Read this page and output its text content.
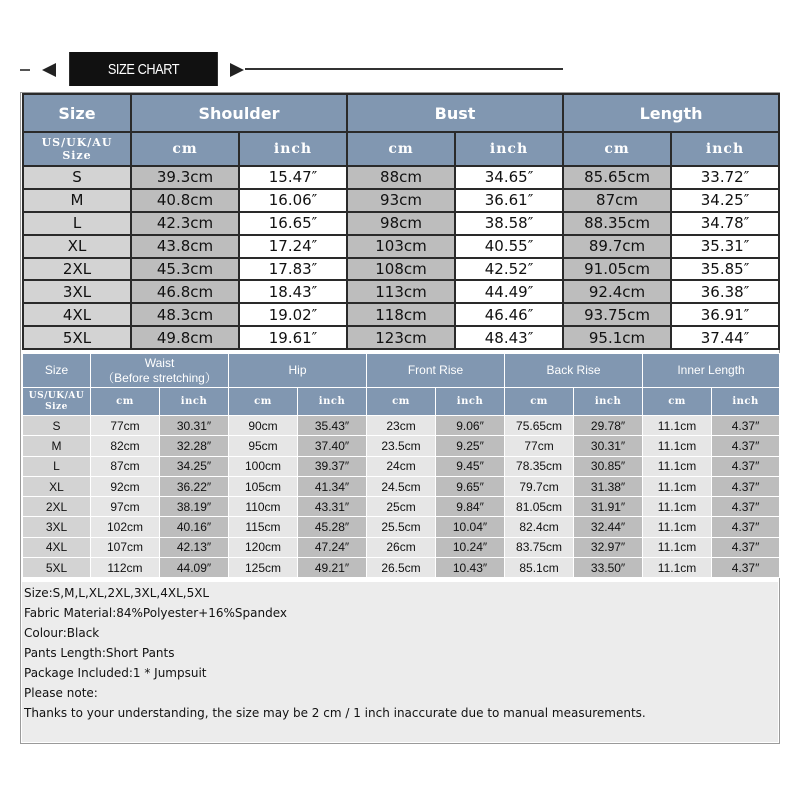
SIZE CHART
Size	Shoulder		Bust		Length	

US/UK/AU
Size	cm	inch	cm	inch	cm	inch
S	39.3cm	15.47″	88cm	34.65″	85.65cm	33.72″
M	40.8cm	16.06″	93cm	36.61″	87cm	34.25″
L	42.3cm	16.65″	98cm	38.58″	88.35cm	34.78″
XL	43.8cm	17.24″	103cm	40.55″	89.7cm	35.31″
2XL	45.3cm	17.83″	108cm	42.52″	91.05cm	35.85″
3XL	46.8cm	18.43″	113cm	44.49″	92.4cm	36.38″
4XL	48.3cm	19.02″	118cm	46.46″	93.75cm	36.91″
5XL	49.8cm	19.61″	123cm	48.43″	95.1cm	37.44″
Size	Waist
（Before stretching）		Hip		Front Rise		Back Rise		Inner Length	

US/UK/AU
Size	cm	inch	cm	inch	cm	inch	cm	inch	cm	inch
S	77cm	30.31″	90cm	35.43″	23cm	9.06″	75.65cm	29.78″	11.1cm	4.37″
M	82cm	32.28″	95cm	37.40″	23.5cm	9.25″	77cm	30.31″	11.1cm	4.37″
L	87cm	34.25″	100cm	39.37″	24cm	9.45″	78.35cm	30.85″	11.1cm	4.37″
XL	92cm	36.22″	105cm	41.34″	24.5cm	9.65″	79.7cm	31.38″	11.1cm	4.37″
2XL	97cm	38.19″	110cm	43.31″	25cm	9.84″	81.05cm	31.91″	11.1cm	4.37″
3XL	102cm	40.16″	115cm	45.28″	25.5cm	10.04″	82.4cm	32.44″	11.1cm	4.37″
4XL	107cm	42.13″	120cm	47.24″	26cm	10.24″	83.75cm	32.97″	11.1cm	4.37″
5XL	112cm	44.09″	125cm	49.21″	26.5cm	10.43″	85.1cm	33.50″	11.1cm	4.37″
Size:S,M,L,XL,2XL,3XL,4XL,5XL
Fabric Material:84%Polyester+16%Spandex
Colour:Black
Pants Length:Short Pants
Package Included:1 * Jumpsuit
Please note:
Thanks to your understanding, the size may be 2 cm / 1 inch inaccurate due to manual measurements.
